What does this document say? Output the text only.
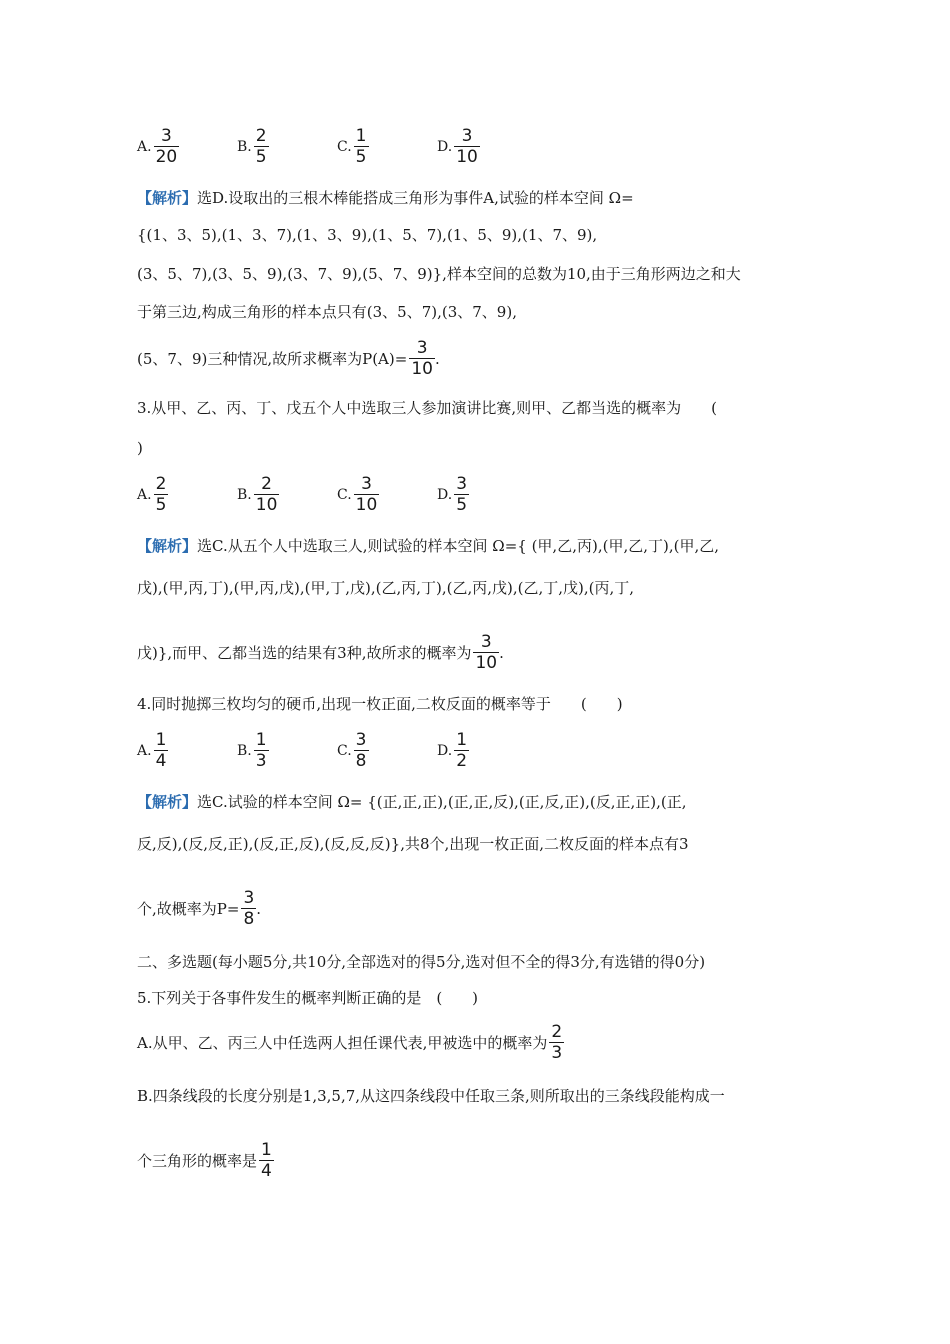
A. $\frac{3}{20}$	B. $\frac{2}{5}$	C. $\frac{1}{5}$	D. $\frac{3}{10}$
【解析】选D.设取出的三根木棒能搭成三角形为事件A,试验的样本空间 Ω=
{(1、3、5),(1、3、7),(1、3、9),(1、5、7),(1、5、9),(1、7、9),
(3、5、7),(3、5、9),(3、7、9),(5、7、9)},样本空间的总数为10,由于三角形两边之和大
于第三边,构成三角形的样本点只有(3、5、7),(3、7、9),
(5、7、9)三种情况,故所求概率为$P(A)= \frac{3}{10}$ .
3.从甲、乙、丙、丁、戊五个人中选取三人参加演讲比赛,则甲、乙都当选的概率为　　(
)
A. $\frac{2}{5}$	B. $\frac{2}{10}$	C. $\frac{3}{10}$	D. $\frac{3}{5}$
【解析】选C.从五个人中选取三人,则试验的样本空间 Ω={ (甲,乙,丙),(甲,乙,丁),(甲,乙,
戊),(甲,丙,丁),(甲,丙,戊),(甲,丁,戊),(乙,丙,丁),(乙,丙,戊),(乙,丁,戊),(丙,丁,
戊)},而甲、乙都当选的结果有3种,故所求的概率为 $\frac{3}{10}$ .
4.同时抛掷三枚均匀的硬币,出现一枚正面,二枚反面的概率等于　　(　　)
A. $\frac{1}{4}$	B. $\frac{1}{3}$	C. $\frac{3}{8}$	D. $\frac{1}{2}$
【解析】选C.试验的样本空间 Ω= {(正,正,正),(正,正,反),(正,反,正),(反,正,正),(正,
反,反),(反,反,正),(反,正,反),(反,反,反)},共8个,出现一枚正面,二枚反面的样本点有3
个,故概率为$P= \frac{3}{8}$ .
二、多选题(每小题5分,共10分,全部选对的得5分,选对但不全的得3分,有选错的得0分)
5.下列关于各事件发生的概率判断正确的是　(　　)
A.从甲、乙、丙三人中任选两人担任课代表,甲被选中的概率为 $\frac{2}{3}$
B.四条线段的长度分别是1,3,5,7,从这四条线段中任取三条,则所取出的三条线段能构成一
个三角形的概率是 $\frac{1}{4}$
